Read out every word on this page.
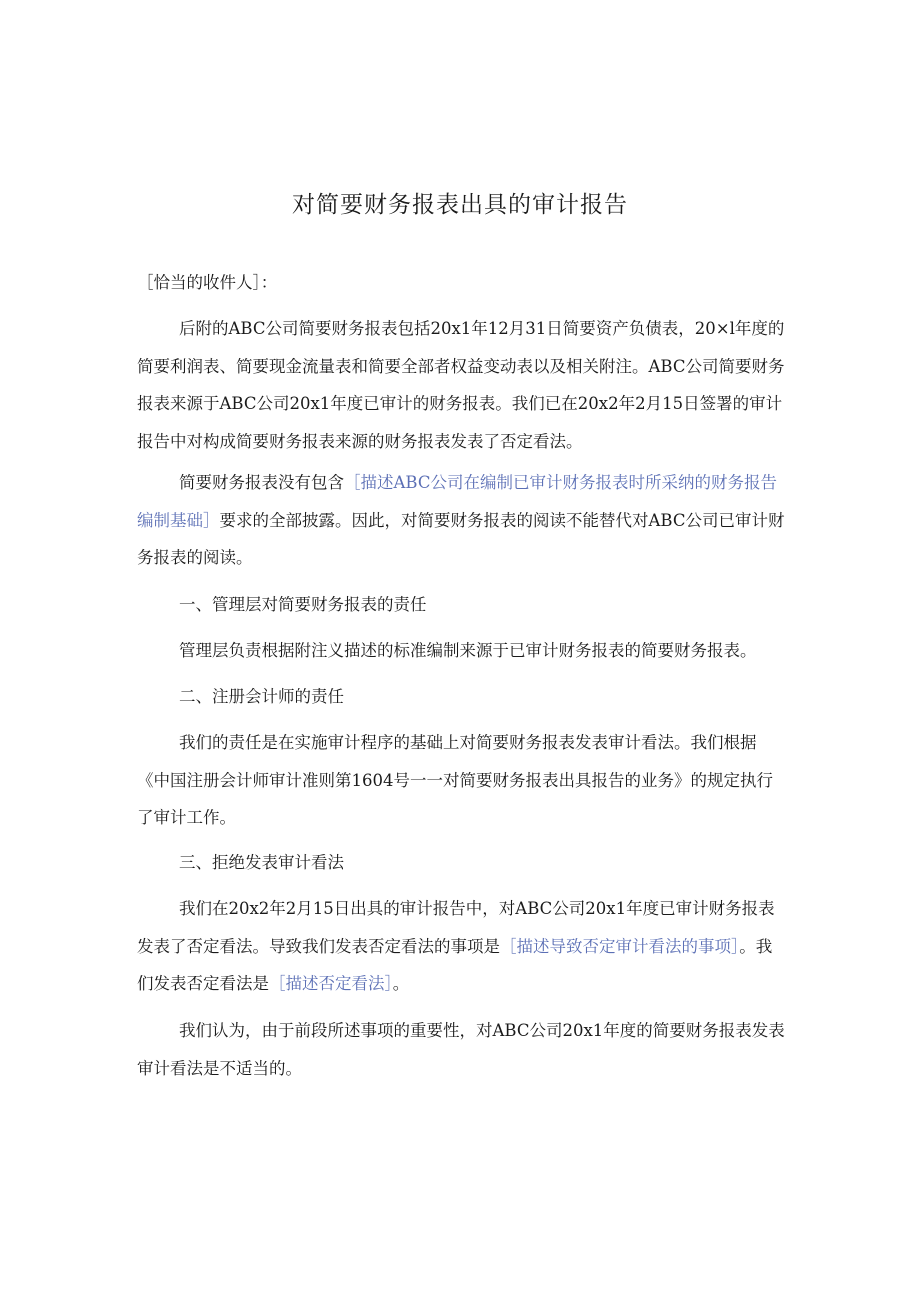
对简要财务报表出具的审计报告

［恰当的收件人］：

后附的ABC公司简要财务报表包括20x1年12月31日简要资产负债表，20×l年度的简要利润表、简要现金流量表和简要全部者权益变动表以及相关附注。ABC公司简要财务报表来源于ABC公司20x1年度已审计的财务报表。我们已在20x2年2月15日签署的审计报告中对构成简要财务报表来源的财务报表发表了否定看法。

简要财务报表没有包含［描述ABC公司在编制已审计财务报表时所采纳的财务报告编制基础］要求的全部披露。因此，对简要财务报表的阅读不能替代对ABC公司已审计财务报表的阅读。

一、管理层对简要财务报表的责任

管理层负责根据附注义描述的标准编制来源于已审计财务报表的简要财务报表。

二、注册会计师的责任

我们的责任是在实施审计程序的基础上对简要财务报表发表审计看法。我们根据《中国注册会计师审计准则第1604号一一对简要财务报表出具报告的业务》的规定执行了审计工作。

三、拒绝发表审计看法

我们在20x2年2月15日出具的审计报告中，对ABC公司20x1年度已审计财务报表发表了否定看法。导致我们发表否定看法的事项是［描述导致否定审计看法的事项］。我们发表否定看法是［描述否定看法］。

我们认为，由于前段所述事项的重要性，对ABC公司20x1年度的简要财务报表发表审计看法是不适当的。
